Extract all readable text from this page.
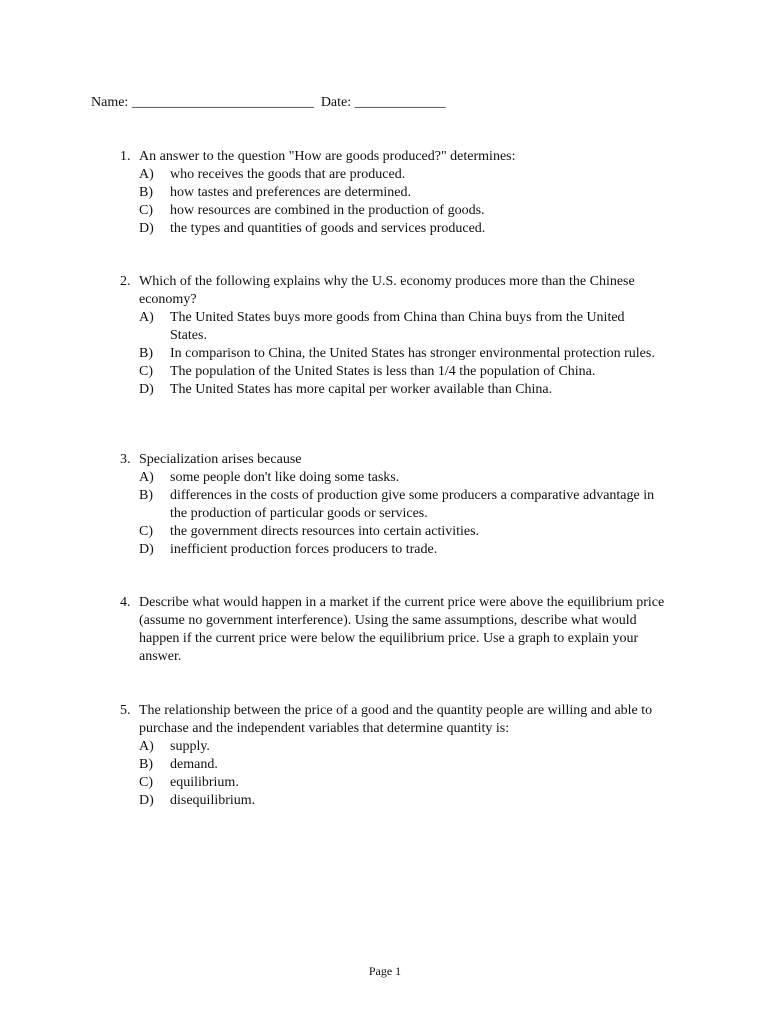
Name: __________________________  Date: _____________
1. An answer to the question "How are goods produced?" determines:
A)	who receives the goods that are produced.
B)	how tastes and preferences are determined.
C)	how resources are combined in the production of goods.
D)	the types and quantities of goods and services produced.
2. Which of the following explains why the U.S. economy produces more than the Chinese economy?
A)	The United States buys more goods from China than China buys from the United States.
B)	In comparison to China, the United States has stronger environmental protection rules.
C)	The population of the United States is less than 1/4 the population of China.
D)	The United States has more capital per worker available than China.
3. Specialization arises because
A)	some people don't like doing some tasks.
B)	differences in the costs of production give some producers a comparative advantage in the production of particular goods or services.
C)	the government directs resources into certain activities.
D)	inefficient production forces producers to trade.
4. Describe what would happen in a market if the current price were above the equilibrium price (assume no government interference). Using the same assumptions, describe what would happen if the current price were below the equilibrium price. Use a graph to explain your answer.
5. The relationship between the price of a good and the quantity people are willing and able to purchase and the independent variables that determine quantity is:
A)	supply.
B)	demand.
C)	equilibrium.
D)	disequilibrium.
Page 1
